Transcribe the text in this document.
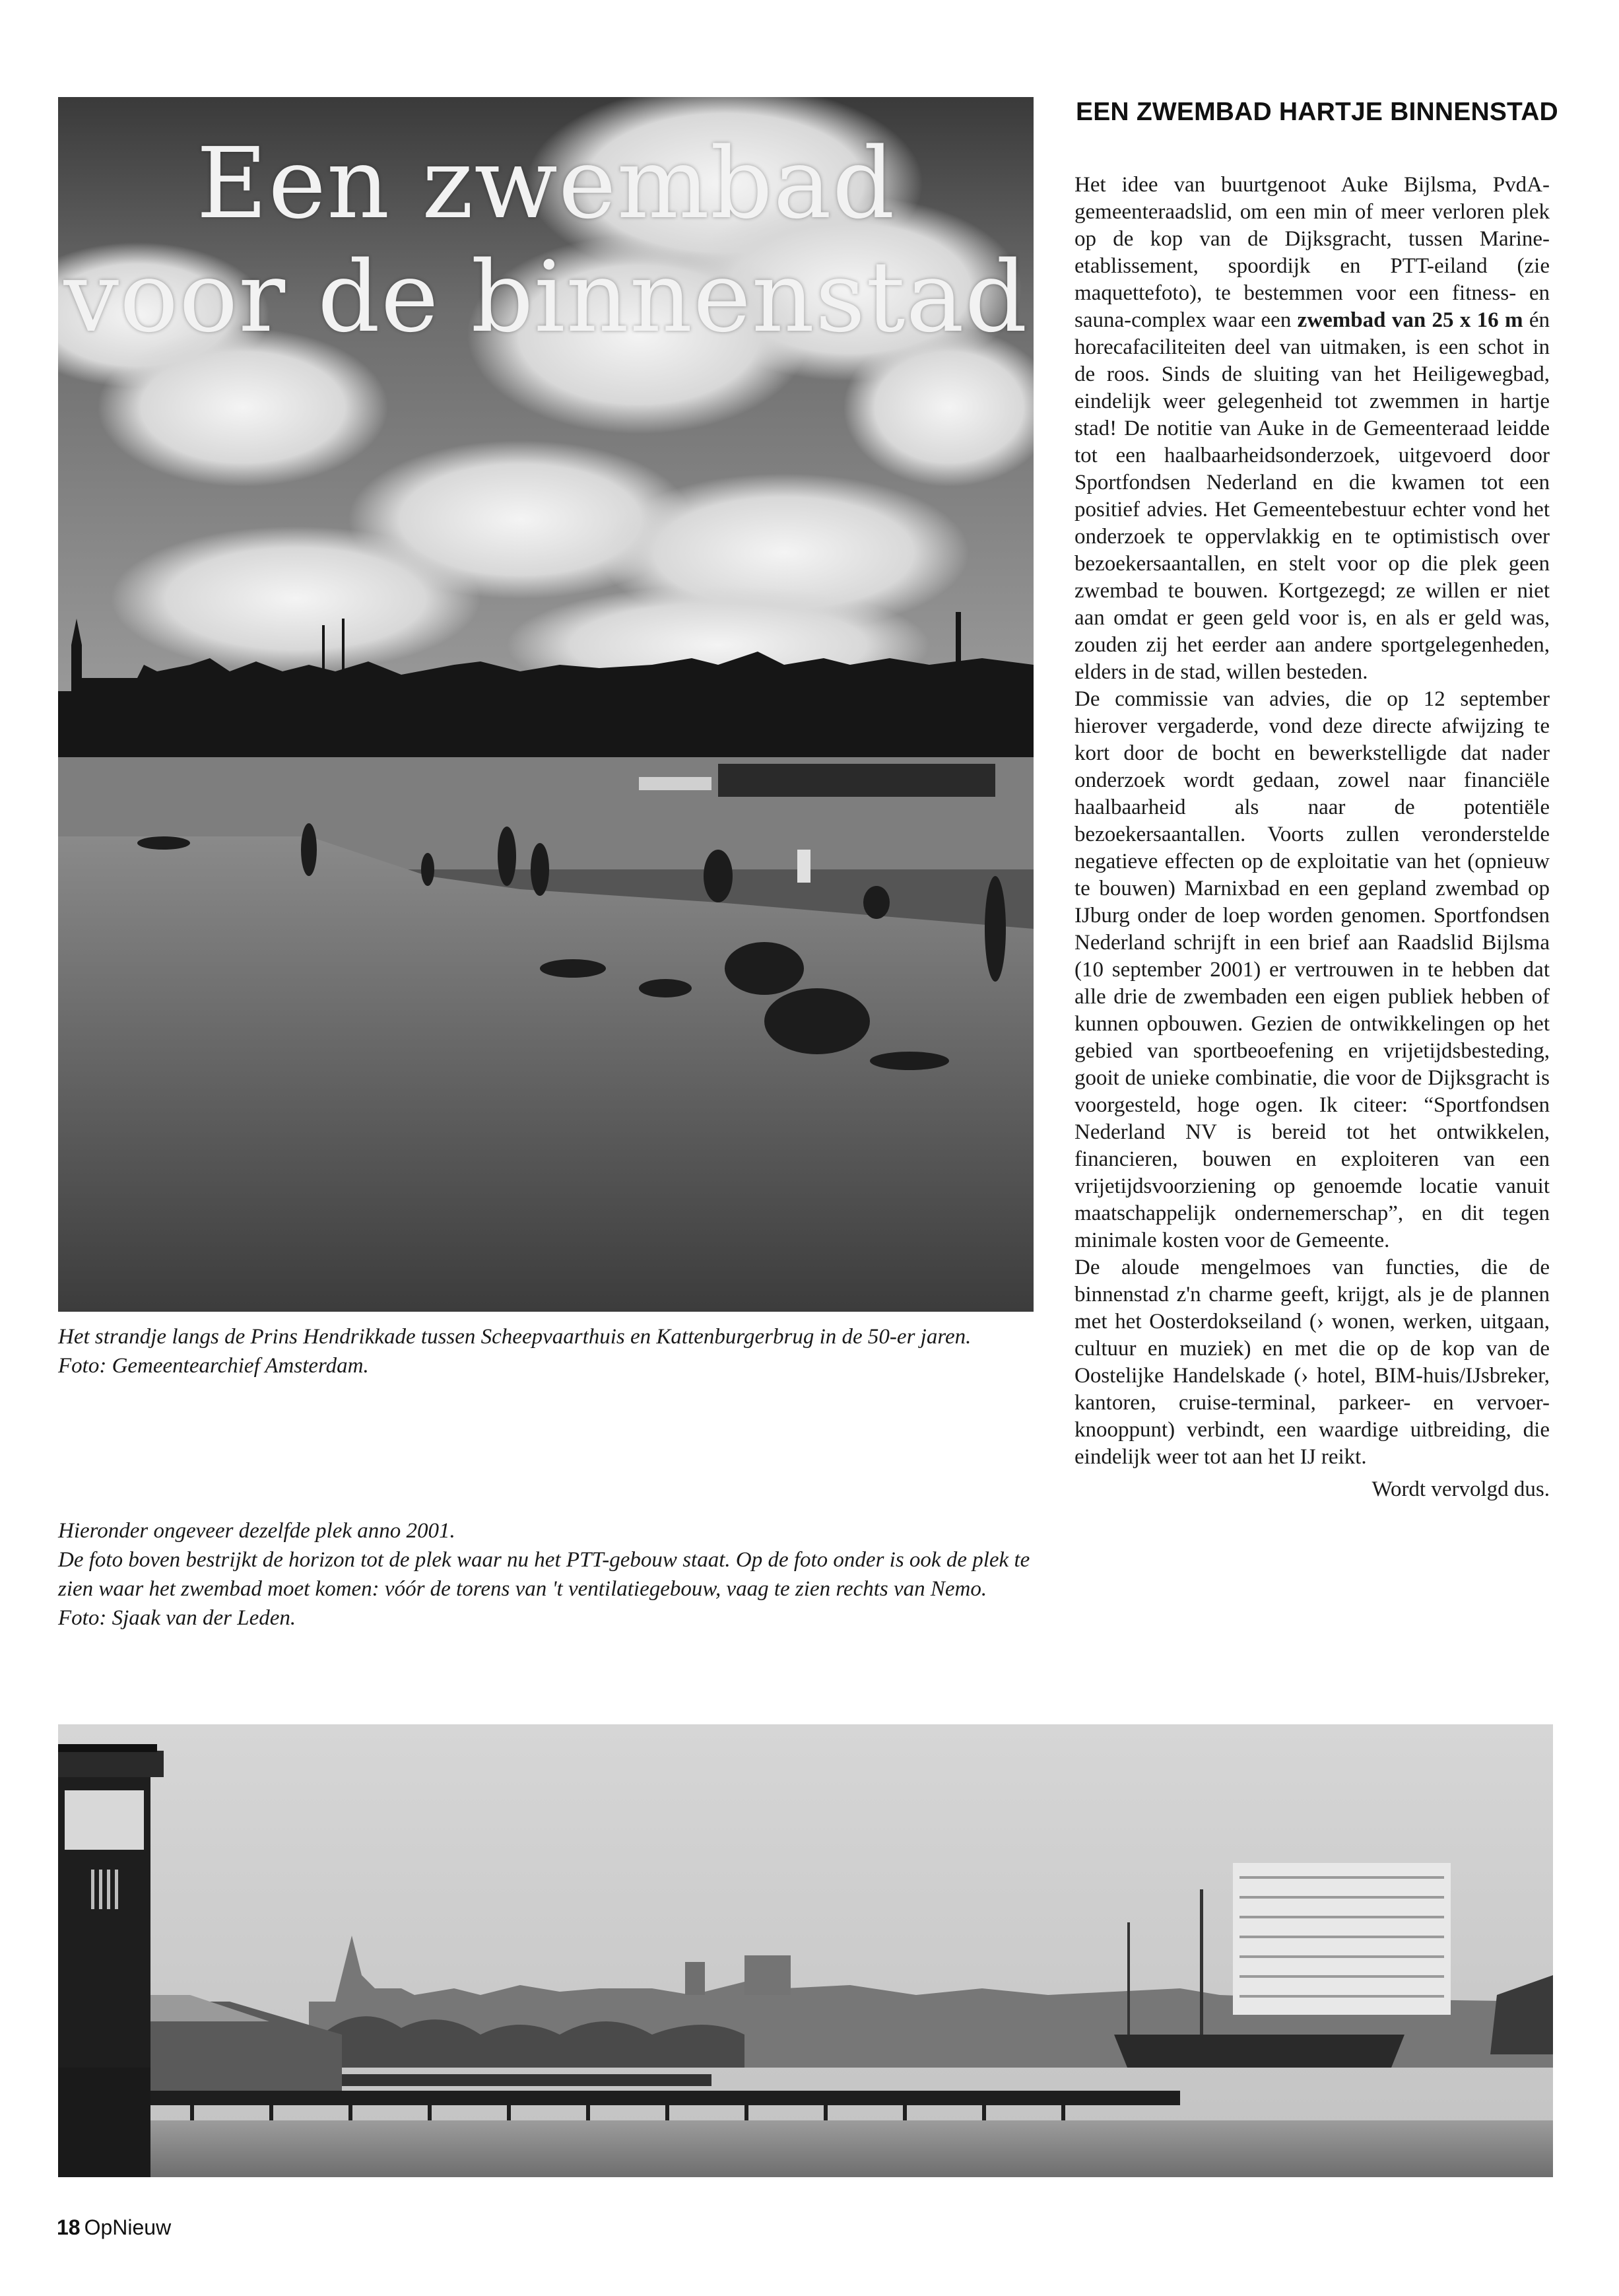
Een zwembad
voor de binnenstad

Het strandje langs de Prins Hendrikkade tussen Scheepvaarthuis en Kattenburgerbrug in de 50-er jaren.

Foto: Gemeentearchief Amsterdam.

Hieronder ongeveer dezelfde plek anno 2001.

De foto boven bestrijkt de horizon tot de plek waar nu het PTT-gebouw staat. Op de foto onder is ook de plek te zien waar het zwembad moet komen: vóór de torens van 't ventilatiegebouw, vaag te zien rechts van Nemo.

Foto: Sjaak van der Leden.

EEN ZWEMBAD HARTJE BINNENSTAD

Het idee van buurtgenoot Auke Bijlsma, PvdA-gemeenteraadslid, om een min of meer verloren plek op de kop van de Dijksgracht, tussen Marine-etablissement, spoordijk en PTT-eiland (zie maquettefoto), te bestemmen voor een fitness- en sauna-complex waar een zwembad van 25 x 16 m én horecafaciliteiten deel van uitmaken, is een schot in de roos. Sinds de sluiting van het Heiligewegbad, eindelijk weer gelegenheid tot zwemmen in hartje stad! De notitie van Auke in de Gemeenteraad leidde tot een haalbaarheidsonderzoek, uitgevoerd door Sportfondsen Nederland en die kwamen tot een positief advies. Het Gemeentebestuur echter vond het onderzoek te oppervlakkig en te optimistisch over bezoekersaantallen, en stelt voor op die plek geen zwembad te bouwen. Kortgezegd; ze willen er niet aan omdat er geen geld voor is, en als er geld was, zouden zij het eerder aan andere sportgelegenheden, elders in de stad, willen besteden.

De commissie van advies, die op 12 september hierover vergaderde, vond deze directe afwijzing te kort door de bocht en bewerkstelligde dat nader onderzoek wordt gedaan, zowel naar financiële haalbaarheid als naar de potentiële bezoekersaantallen. Voorts zullen veronderstelde negatieve effecten op de exploitatie van het (opnieuw te bouwen) Marnixbad en een gepland zwembad op IJburg onder de loep worden genomen. Sportfondsen Nederland schrijft in een brief aan Raadslid Bijlsma (10 september 2001) er vertrouwen in te hebben dat alle drie de zwembaden een eigen publiek hebben of kunnen opbouwen. Gezien de ontwikkelingen op het gebied van sportbeoefening en vrijetijdsbesteding, gooit de unieke combinatie, die voor de Dijksgracht is voorgesteld, hoge ogen. Ik citeer: “Sportfondsen Nederland NV is bereid tot het ontwikkelen, financieren, bouwen en exploiteren van een vrijetijdsvoorziening op genoemde locatie vanuit maatschappelijk ondernemerschap”, en dit tegen minimale kosten voor de Gemeente.

De aloude mengelmoes van functies, die de binnenstad z'n charme geeft, krijgt, als je de plannen met het Oosterdokseiland (› wonen, werken, uitgaan, cultuur en muziek) en met die op de kop van de Oostelijke Handelskade (› hotel, BIM-huis/IJsbreker, kantoren, cruise-terminal, parkeer- en vervoer-knooppunt) verbindt, een waardige uitbreiding, die eindelijk weer tot aan het IJ reikt.

Wordt vervolgd dus.

18 OpNieuw
